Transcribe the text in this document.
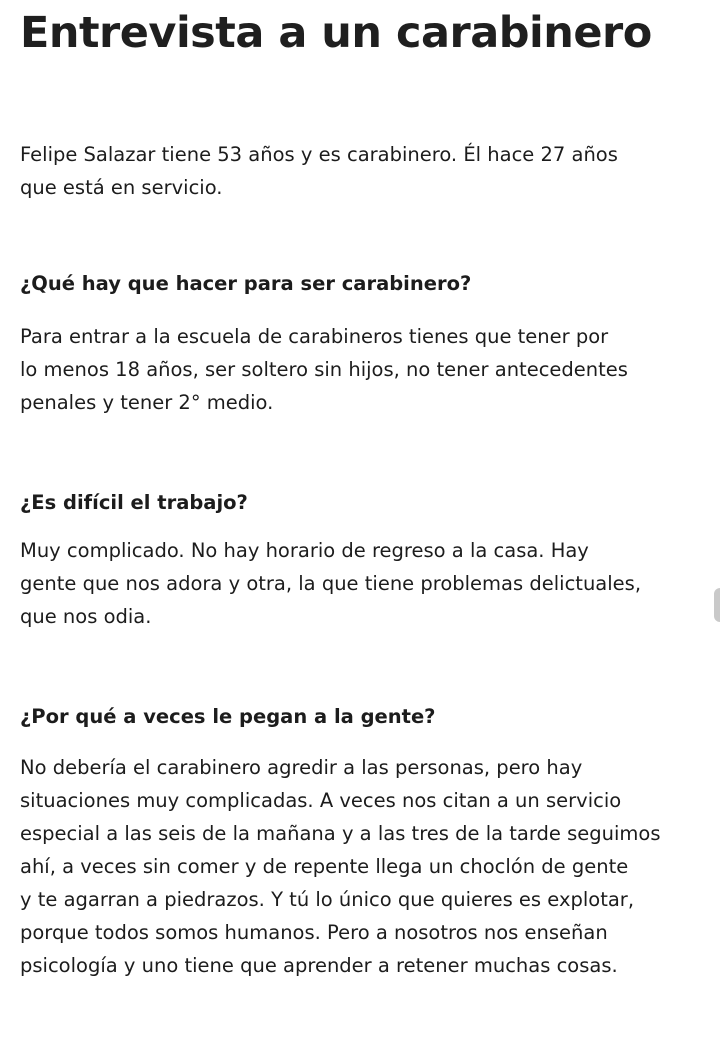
Entrevista a un carabinero

Felipe Salazar tiene 53 años y es carabinero. Él hace 27 años
que está en servicio.

¿Qué hay que hacer para ser carabinero?

Para entrar a la escuela de carabineros tienes que tener por
lo menos 18 años, ser soltero sin hijos, no tener antecedentes
penales y tener 2° medio.

¿Es difícil el trabajo?

Muy complicado. No hay horario de regreso a la casa. Hay
gente que nos adora y otra, la que tiene problemas delictuales,
que nos odia.

¿Por qué a veces le pegan a la gente?

No debería el carabinero agredir a las personas, pero hay
situaciones muy complicadas. A veces nos citan a un servicio
especial a las seis de la mañana y a las tres de la tarde seguimos
ahí, a veces sin comer y de repente llega un choclón de gente
y te agarran a piedrazos. Y tú lo único que quieres es explotar,
porque todos somos humanos. Pero a nosotros nos enseñan
psicología y uno tiene que aprender a retener muchas cosas.
